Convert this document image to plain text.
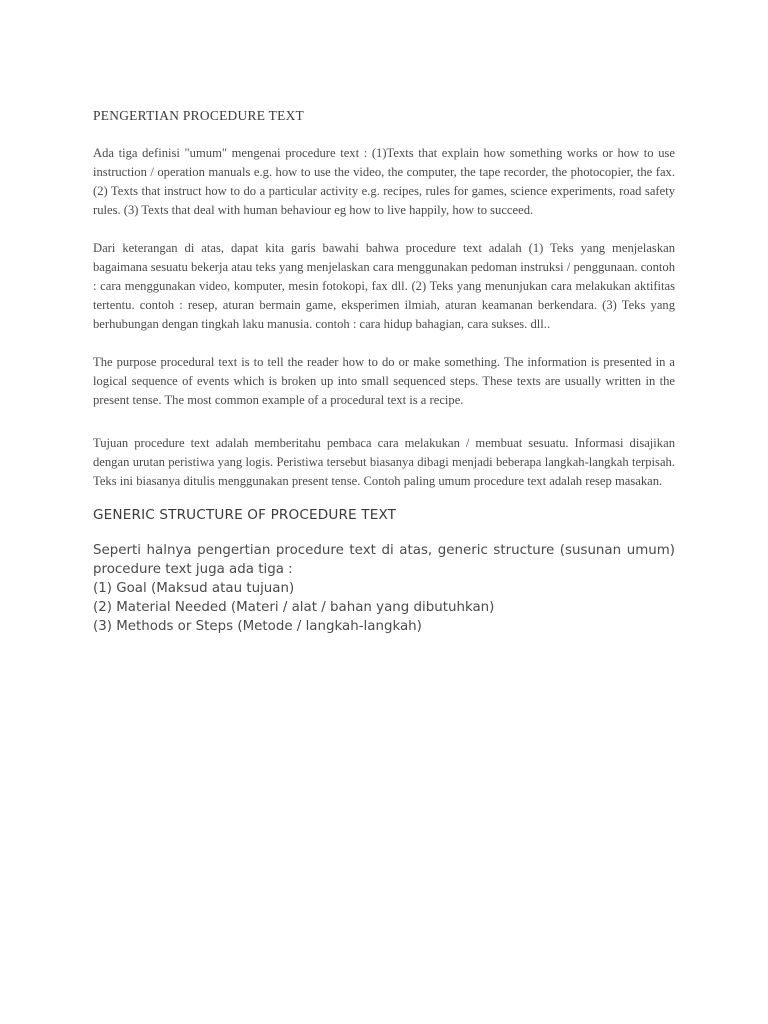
PENGERTIAN PROCEDURE TEXT

Ada tiga definisi "umum" mengenai procedure text : (1)Texts that explain how something works or how to use instruction / operation manuals e.g. how to use the video, the computer, the tape recorder, the photocopier, the fax. (2) Texts that instruct how to do a particular activity e.g. recipes, rules for games, science experiments, road safety rules. (3) Texts that deal with human behaviour eg how to live happily, how to succeed.

Dari keterangan di atas, dapat kita garis bawahi bahwa procedure text adalah (1) Teks yang menjelaskan bagaimana sesuatu bekerja atau teks yang menjelaskan cara menggunakan pedoman instruksi / penggunaan. contoh : cara menggunakan video, komputer, mesin fotokopi, fax dll. (2) Teks yang menunjukan cara melakukan aktifitas tertentu. contoh : resep, aturan bermain game, eksperimen ilmiah, aturan keamanan berkendara. (3) Teks yang berhubungan dengan tingkah laku manusia. contoh : cara hidup bahagian, cara sukses. dll..

The purpose procedural text is to tell the reader how to do or make something. The information is presented in a logical sequence of events which is broken up into small sequenced steps. These texts are usually written in the present tense. The most common example of a procedural text is a recipe.

Tujuan procedure text adalah memberitahu pembaca cara melakukan / membuat sesuatu. Informasi disajikan dengan urutan peristiwa yang logis. Peristiwa tersebut biasanya dibagi menjadi beberapa langkah-langkah terpisah. Teks ini biasanya ditulis menggunakan present tense. Contoh paling umum procedure text adalah resep masakan.

GENERIC STRUCTURE OF PROCEDURE TEXT

Seperti halnya pengertian procedure text di atas, generic structure (susunan umum) procedure text juga ada tiga :

(1) Goal (Maksud atau tujuan)
(2) Material Needed (Materi / alat / bahan yang dibutuhkan)
(3) Methods or Steps (Metode / langkah-langkah)
